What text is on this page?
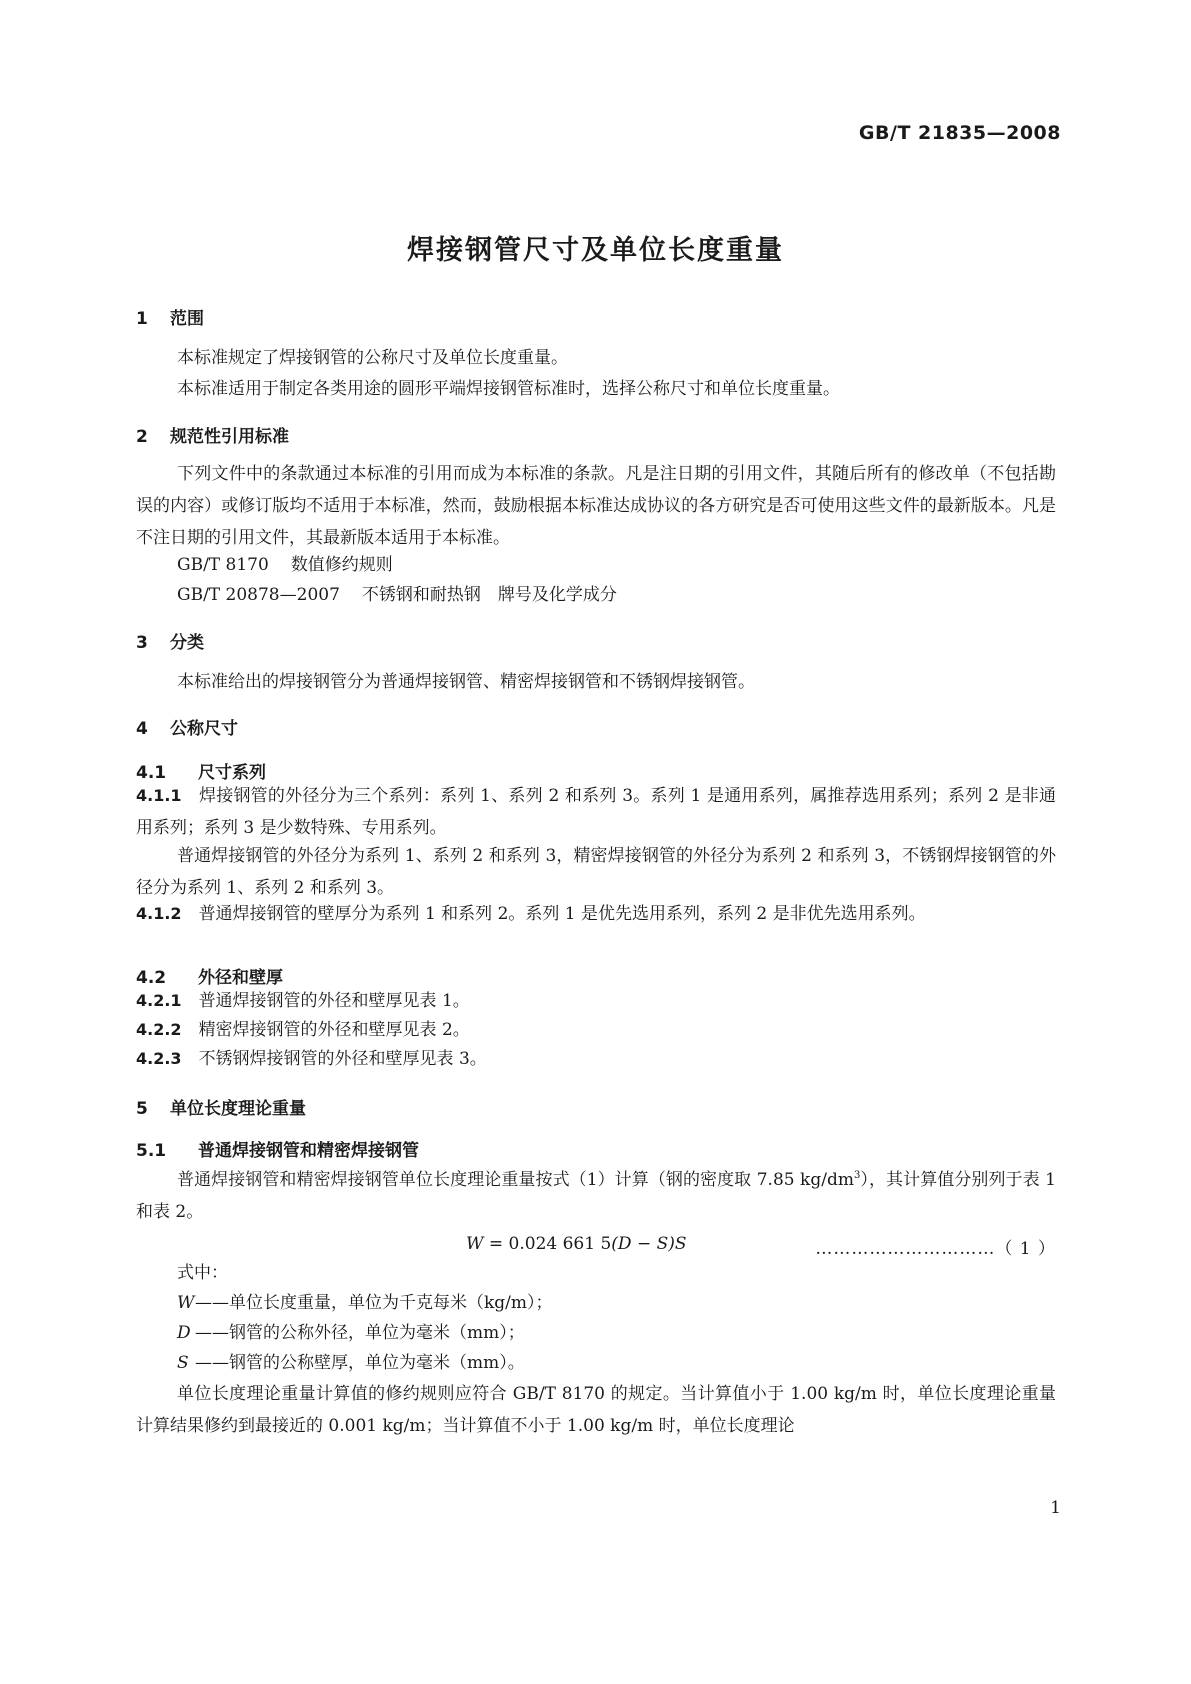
GB/T 21835—2008
焊接钢管尺寸及单位长度重量
1 范围
本标准规定了焊接钢管的公称尺寸及单位长度重量。
本标准适用于制定各类用途的圆形平端焊接钢管标准时，选择公称尺寸和单位长度重量。
2 规范性引用标准
下列文件中的条款通过本标准的引用而成为本标准的条款。凡是注日期的引用文件，其随后所有的修改单（不包括勘误的内容）或修订版均不适用于本标准，然而，鼓励根据本标准达成协议的各方研究是否可使用这些文件的最新版本。凡是不注日期的引用文件，其最新版本适用于本标准。
GB/T 8170 数值修约规则
GB/T 20878—2007 不锈钢和耐热钢　牌号及化学成分
3 分类
本标准给出的焊接钢管分为普通焊接钢管、精密焊接钢管和不锈钢焊接钢管。
4 公称尺寸
4.1 尺寸系列
4.1.1　 焊接钢管的外径分为三个系列：系列 1、系列 2 和系列 3。系列 1 是通用系列，属推荐选用系列；系列 2 是非通用系列；系列 3 是少数特殊、专用系列。
普通焊接钢管的外径分为系列 1、系列 2 和系列 3，精密焊接钢管的外径分为系列 2 和系列 3，不锈钢焊接钢管的外径分为系列 1、系列 2 和系列 3。
4.1.2　 普通焊接钢管的壁厚分为系列 1 和系列 2。系列 1 是优先选用系列，系列 2 是非优先选用系列。
4.2 外径和壁厚
4.2.1　 普通焊接钢管的外径和壁厚见表 1。
4.2.2　 精密焊接钢管的外径和壁厚见表 2。
4.2.3　 不锈钢焊接钢管的外径和壁厚见表 3。
5 单位长度理论重量
5.1 普通焊接钢管和精密焊接钢管
普通焊接钢管和精密焊接钢管单位长度理论重量按式（1）计算（钢的密度取 7.85 $kg/dm^3$），其计算值分别列于表 1 和表 2。
W = 0.024 661 5(D − S)S	…………………………（ 1 ）
式中：
W——单位长度重量，单位为千克每米（kg/m）；
D ——钢管的公称外径，单位为毫米（mm）；
S ——钢管的公称壁厚，单位为毫米（mm）。
单位长度理论重量计算值的修约规则应符合 GB/T 8170 的规定。当计算值小于 1.00 kg/m 时，单位长度理论重量计算结果修约到最接近的 0.001 kg/m；当计算值不小于 1.00 kg/m 时，单位长度理论
1
